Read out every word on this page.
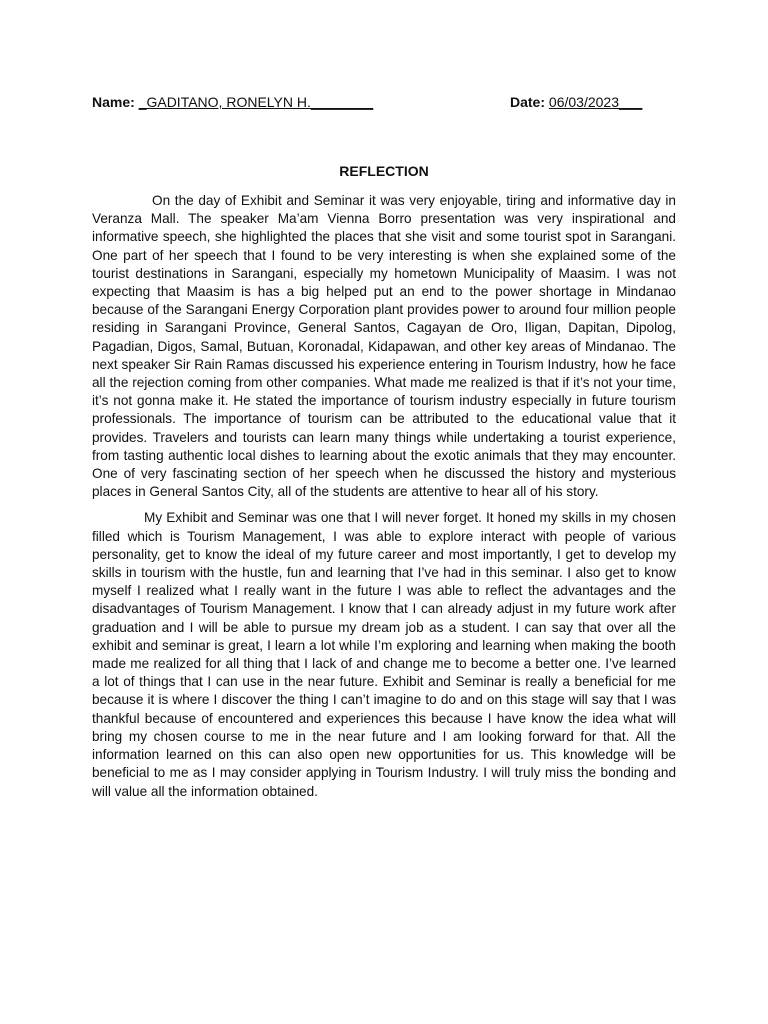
Name: _GADITANO, RONELYN H.________	Date: 06/03/2023___
REFLECTION

On the day of Exhibit and Seminar it was very enjoyable, tiring and informative day in Veranza Mall. The speaker Ma’am Vienna Borro presentation was very inspirational and informative speech, she highlighted the places that she visit and some tourist spot in Sarangani. One part of her speech that I found to be very interesting is when she explained some of the tourist destinations in Sarangani, especially my hometown Municipality of Maasim. I was not expecting that Maasim is has a big helped put an end to the power shortage in Mindanao because of the Sarangani Energy Corporation plant provides power to around four million people residing in Sarangani Province, General Santos, Cagayan de Oro, Iligan, Dapitan, Dipolog, Pagadian, Digos, Samal, Butuan, Koronadal, Kidapawan, and other key areas of Mindanao. The next speaker Sir Rain Ramas discussed his experience entering in Tourism Industry, how he face all the rejection coming from other companies. What made me realized is that if it’s not your time, it’s not gonna make it. He stated the importance of tourism industry especially in future tourism professionals. The importance of tourism can be attributed to the educational value that it provides. Travelers and tourists can learn many things while undertaking a tourist experience, from tasting authentic local dishes to learning about the exotic animals that they may encounter. One of very fascinating section of her speech when he discussed the history and mysterious places in General Santos City, all of the students are attentive to hear all of his story.

My Exhibit and Seminar was one that I will never forget. It honed my skills in my chosen filled which is Tourism Management, I was able to explore interact with people of various personality, get to know the ideal of my future career and most importantly, I get to develop my skills in tourism with the hustle, fun and learning that I’ve had in this seminar. I also get to know myself I realized what I really want in the future I was able to reflect the advantages and the disadvantages of Tourism Management. I know that I can already adjust in my future work after graduation and I will be able to pursue my dream job as a student. I can say that over all the exhibit and seminar is great, I learn a lot while I’m exploring and learning when making the booth made me realized for all thing that I lack of and change me to become a better one. I’ve learned a lot of things that I can use in the near future. Exhibit and Seminar is really a beneficial for me because it is where I discover the thing I can’t imagine to do and on this stage will say that I was thankful because of encountered and experiences this because I have know the idea what will bring my chosen course to me in the near future and I am looking forward for that. All the information learned on this can also open new opportunities for us. This knowledge will be beneficial to me as I may consider applying in Tourism Industry. I will truly miss the bonding and will value all the information obtained.
